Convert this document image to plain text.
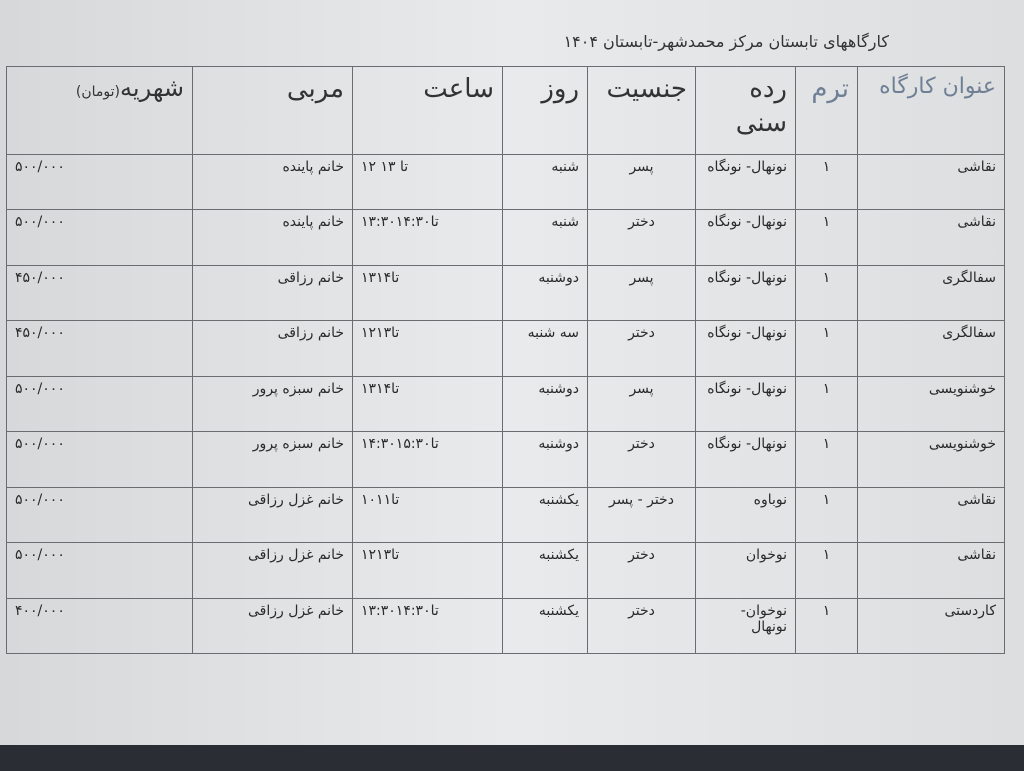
کارگاههای تابستان مرکز محمدشهر-تابستان ۱۴۰۴
عنوان کارگاه	ترم	رده سنی	جنسیت	روز	ساعت	مربی	شهریه(تومان)
نقاشی	۱	نونهال- نونگاه	پسر	شنبه	۱۲ تا ۱۳	خانم پاینده	۵۰۰/۰۰۰
نقاشی	۱	نونهال- نونگاه	دختر	شنبه	۱۳:۳۰تا۱۴:۳۰	خانم پاینده	۵۰۰/۰۰۰
سفالگری	۱	نونهال- نونگاه	پسر	دوشنبه	۱۳تا۱۴	خانم رزاقی	۴۵۰/۰۰۰
سفالگری	۱	نونهال- نونگاه	دختر	سه شنبه	۱۲تا۱۳	خانم رزاقی	۴۵۰/۰۰۰
خوشنویسی	۱	نونهال- نونگاه	پسر	دوشنبه	۱۳تا۱۴	خانم سبزه پرور	۵۰۰/۰۰۰
خوشنویسی	۱	نونهال- نونگاه	دختر	دوشنبه	۱۴:۳۰تا۱۵:۳۰	خانم سبزه پرور	۵۰۰/۰۰۰
نقاشی	۱	نوباوه	دختر - پسر	یکشنبه	۱۰تا۱۱	خانم غزل رزاقی	۵۰۰/۰۰۰
نقاشی	۱	نوخوان	دختر	یکشنبه	۱۲تا۱۳	خانم غزل رزاقی	۵۰۰/۰۰۰
کاردستی	۱	نوخوان- نونهال	دختر	یکشنبه	۱۳:۳۰تا۱۴:۳۰	خانم غزل رزاقی	۴۰۰/۰۰۰
